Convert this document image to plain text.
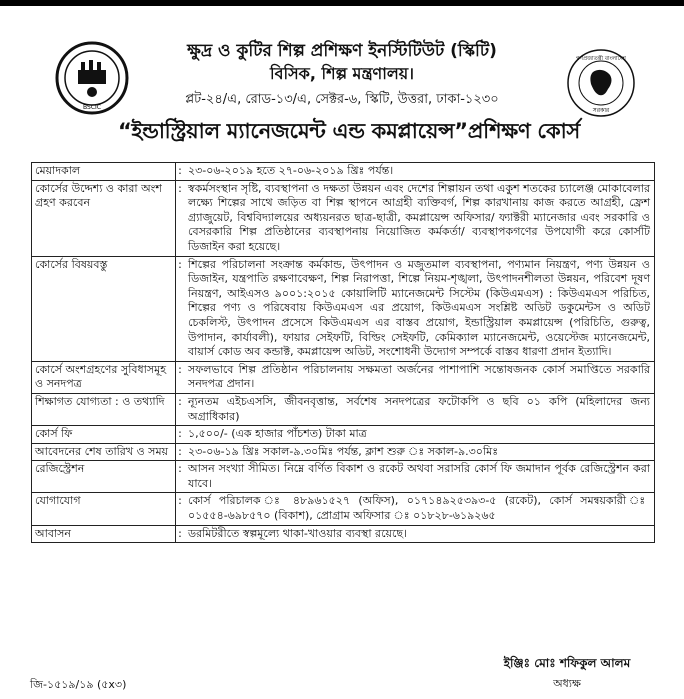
BSCIC
ক্ষুদ্র ও কুটির শিল্প প্রশিক্ষণ ইনস্টিটিউট (স্কিটি)
বিসিক, শিল্প মন্ত্রণালয়।
প্লট-২৪/এ, রোড-১৩/এ, সেক্টর-৬, স্কিটি, উত্তরা, ঢাকা-১২৩০
গণপ্রজাতন্ত্রী বাংলাদেশ
সরকার
“ইন্ডাস্ট্রিয়াল ম্যানেজমেন্ট এন্ড কমপ্লায়েন্স”প্রশিক্ষণ কোর্স
মেয়াদকাল	:	২৩-০৬-২০১৯ হতে ২৭-০৬-২০১৯ খ্রিঃ পর্যন্ত।
কোর্সের উদ্দেশ্য ও কারা অংশ গ্রহণ করবেন	:	স্বকর্মসংস্থান সৃষ্টি, ব্যবস্থাপনা ও দক্ষতা উন্নয়ন এবং দেশের শিল্পায়ন তথা একুশ শতকের চ্যালেঞ্জ মোকাবেলার লক্ষ্যে শিল্পের সাথে জড়িত বা শিল্প স্থাপনে আগ্রহী ব্যক্তিবর্গ, শিল্প কারখানায় কাজ করতে আগ্রহী, ফ্রেশ গ্র্যাজুয়েট, বিশ্ববিদ্যালয়ের অধ্যয়নরত ছাত্র-ছাত্রী, কমপ্লায়েন্স অফিসার/ ফ্যাক্টরী ম্যানেজার এবং সরকারি ও বেসরকারি শিল্প প্রতিষ্ঠানের ব্যবস্থাপনায় নিয়োজিত কর্মকর্তা/ ব্যবস্থাপকগণের উপযোগী করে কোর্সটি ডিজাইন করা হয়েছে।
কোর্সের বিষয়বস্তু	:	শিল্পের পরিচালনা সংক্রান্ত কর্মকান্ড, উৎপাদন ও মজুতমাল ব্যবস্থাপনা, পণ্যমান নিয়ন্ত্রণ, পণ্য উন্নয়ন ও ডিজাইন, যন্ত্রপাতি রক্ষণাবেক্ষণ, শিল্প নিরাপত্তা, শিল্পে নিয়ম-শৃঙ্খলা, উৎপাদনশীলতা উন্নয়ন, পরিবেশ দূষণ নিয়ন্ত্রণ, আইএসও ৯০০১:২০১৫ কোয়ালিটি ম্যানেজমেন্ট সিস্টেম (কিউএমএস) : কিউএমএস পরিচিত, শিল্পের পণ্য ও পরিষেবায় কিউএমএস এর প্রয়োগ, কিউএমএস সংশ্লিষ্ট অডিট ডকুমেন্টস ও অডিট চেকলিস্ট, উৎপাদন প্রসেসে কিউএমএস এর বাস্তব প্রয়োগ, ইন্ডাস্ট্রিয়াল কমপ্লায়েন্স (পরিচিতি, গুরুত্ব, উপাদান, কার্যাবলী), ফায়ার সেইফটি, বিল্ডিং সেইফটি, কেমিক্যাল ম্যানেজমেন্ট, ওয়েস্টেজ ম্যানেজমেন্ট, বায়ার্স কোড অব কন্ডাক্ট, কমপ্লায়েন্স অডিট, সংশোধনী উদ্যোগ সম্পর্কে বাস্তব ধারণা প্রদান ইত্যাদি।
কোর্সে অংশগ্রহণের সুবিধাসমূহ ও সনদপত্র	:	সফলভাবে শিল্প প্রতিষ্ঠান পরিচালনায় সক্ষমতা অর্জনের পাশাপাশি সন্তোষজনক কোর্স সমাপ্তিতে সরকারি সনদপত্র প্রদান।
শিক্ষাগত যোগ্যতা : ও তথ্যাদি	:	ন্যূনতম এইচএসসি, জীবনবৃত্তান্ত, সর্বশেষ সনদপত্রের ফটোকপি ও ছবি ০১ কপি (মহিলাদের জন্য অগ্রাধিকার)
কোর্স ফি	:	১,৫০০/- (এক হাজার পাঁচশত) টাকা মাত্র
আবেদনের শেষ তারিখ ও সময়	:	২৩-০৬-১৯ খ্রিঃ সকাল-৯.৩০মিঃ পর্যন্ত, ক্লাশ শুরু ঃ সকাল-৯.৩০মিঃ
রেজিস্ট্রেশন	:	আসন সংখ্যা সীমিত। নিম্নে বর্ণিত বিকাশ ও রকেট অথবা সরাসরি কোর্স ফি জমাদান পূর্বক রেজিস্ট্রেশন করা যাবে।
যোগাযোগ	:	কোর্স পরিচালক ঃ ৪৮৯৬১৫২৭ (অফিস), ০১৭১৪৯২৫৩৯৩-৫ (রকেট), কোর্স সমন্বয়কারী ঃ ০১৫৫৪-৬৯৮৫৭০ (বিকাশ), প্রোগ্রাম অফিসার ঃ ০১৮২৮-৬১৯২৬৫
আবাসন	:	ডরমিটরীতে স্বল্পমূল্যে থাকা-খাওয়ার ব্যবস্থা রয়েছে।
জি-১৫১৯/১৯ (৫x৩)
ইঞ্জিঃ মোঃ শফিকুল আলম
অধ্যক্ষ
